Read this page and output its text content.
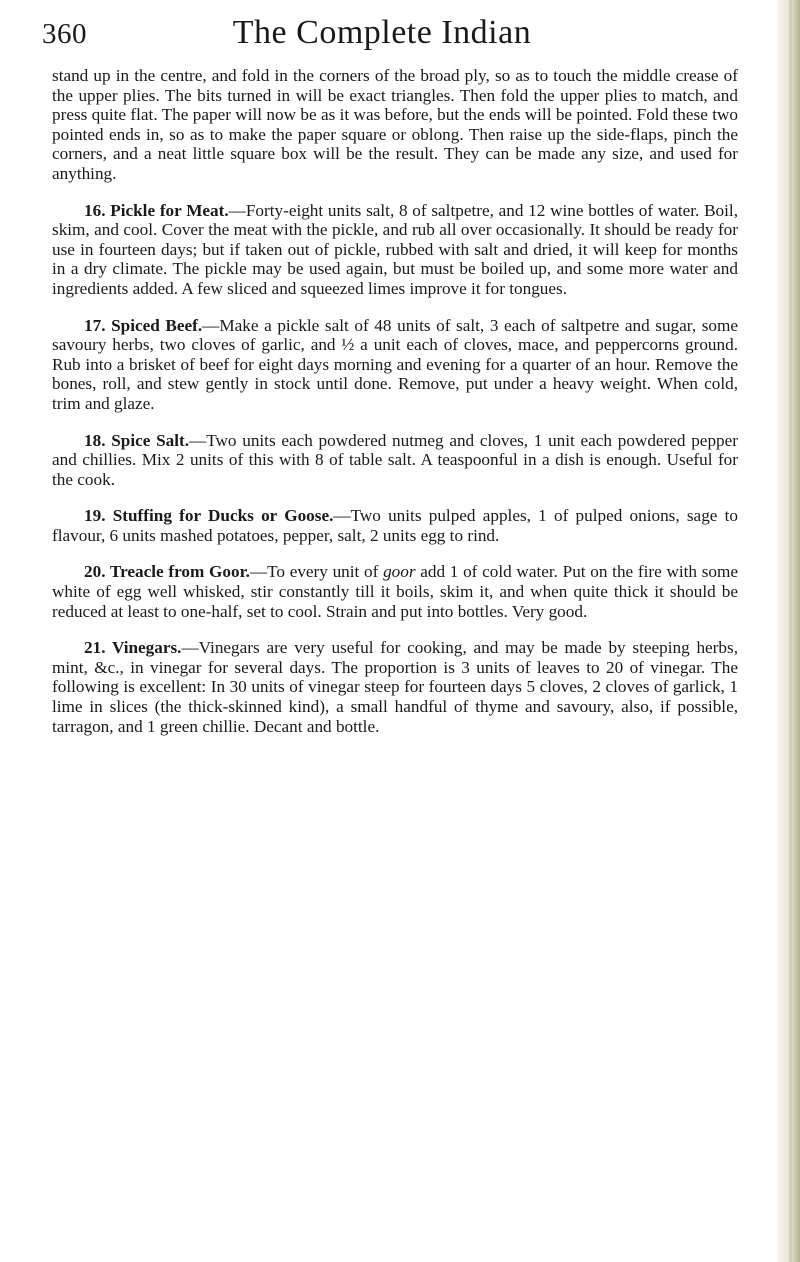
360	The Complete Indian

stand up in the centre, and fold in the corners of the broad ply, so as to touch the middle crease of the upper plies. The bits turned in will be exact triangles. Then fold the upper plies to match, and press quite flat. The paper will now be as it was before, but the ends will be pointed. Fold these two pointed ends in, so as to make the paper square or oblong. Then raise up the side-flaps, pinch the corners, and a neat little square box will be the result. They can be made any size, and used for anything.

16. Pickle for Meat.—Forty-eight units salt, 8 of saltpetre, and 12 wine bottles of water. Boil, skim, and cool. Cover the meat with the pickle, and rub all over occasionally. It should be ready for use in fourteen days; but if taken out of pickle, rubbed with salt and dried, it will keep for months in a dry climate. The pickle may be used again, but must be boiled up, and some more water and ingredients added. A few sliced and squeezed limes improve it for tongues.

17. Spiced Beef.—Make a pickle salt of 48 units of salt, 3 each of saltpetre and sugar, some savoury herbs, two cloves of garlic, and ½ a unit each of cloves, mace, and peppercorns ground. Rub into a brisket of beef for eight days morning and evening for a quarter of an hour. Remove the bones, roll, and stew gently in stock until done. Remove, put under a heavy weight. When cold, trim and glaze.

18. Spice Salt.—Two units each powdered nutmeg and cloves, 1 unit each powdered pepper and chillies. Mix 2 units of this with 8 of table salt. A teaspoonful in a dish is enough. Useful for the cook.

19. Stuffing for Ducks or Goose.—Two units pulped apples, 1 of pulped onions, sage to flavour, 6 units mashed potatoes, pepper, salt, 2 units egg to rind.

20. Treacle from Goor.—To every unit of goor add 1 of cold water. Put on the fire with some white of egg well whisked, stir constantly till it boils, skim it, and when quite thick it should be reduced at least to one-half, set to cool. Strain and put into bottles. Very good.

21. Vinegars.—Vinegars are very useful for cooking, and may be made by steeping herbs, mint, &c., in vinegar for several days. The proportion is 3 units of leaves to 20 of vinegar. The following is excellent: In 30 units of vinegar steep for fourteen days 5 cloves, 2 cloves of garlick, 1 lime in slices (the thick-skinned kind), a small handful of thyme and savoury, also, if possible, tarragon, and 1 green chillie. Decant and bottle.
